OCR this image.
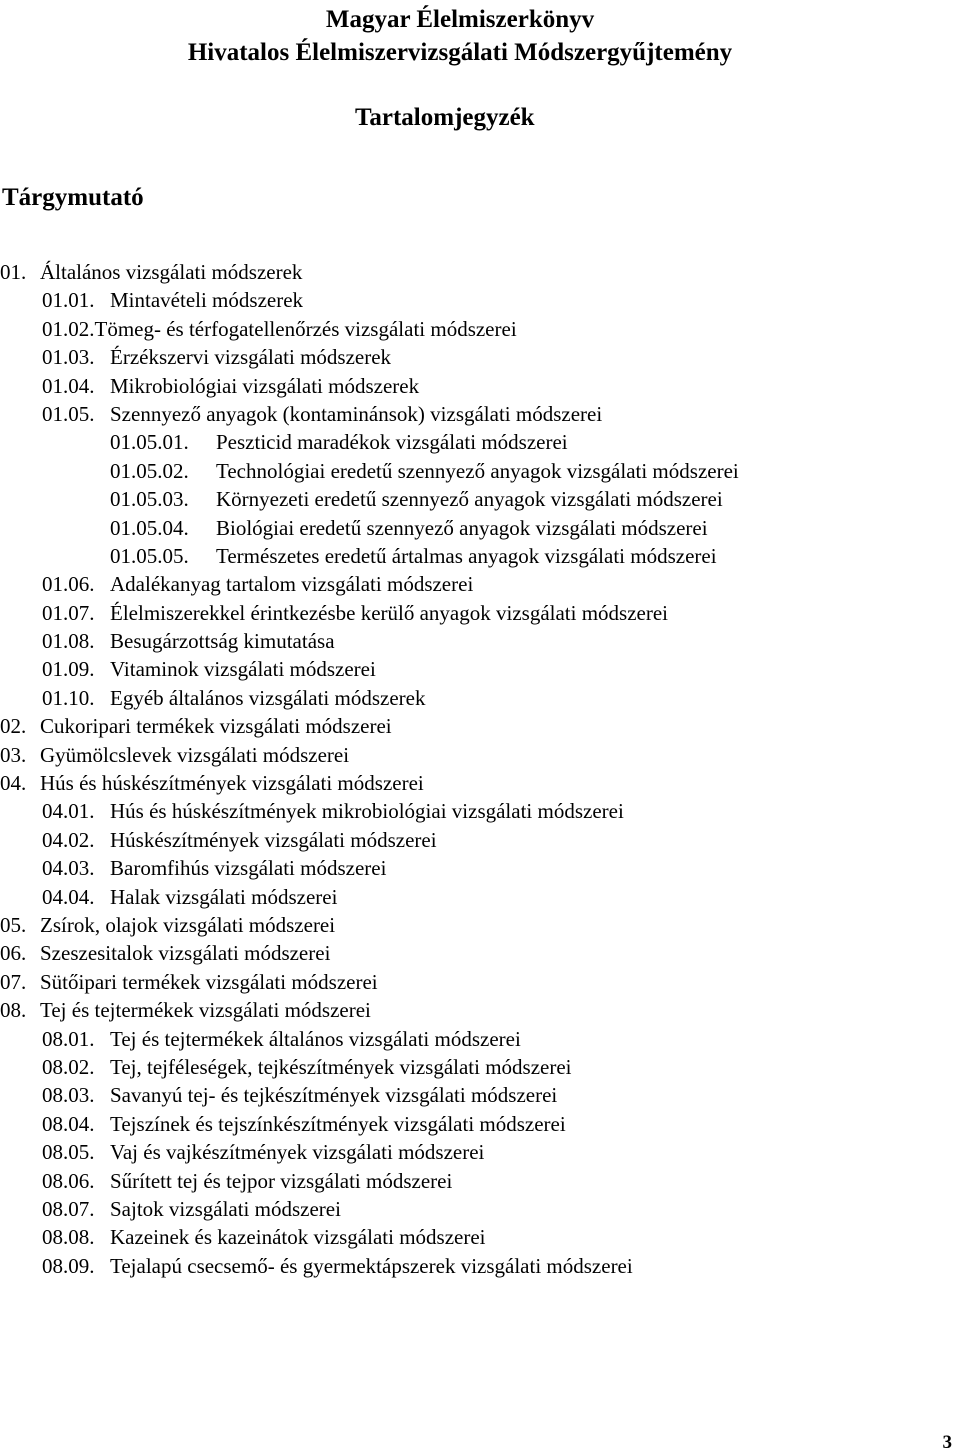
Magyar Élelmiszerkönyv
Hivatalos Élelmiszervizsgálati Módszergyűjtemény
Tartalomjegyzék
Tárgymutató
01. Általános vizsgálati módszerek
01.01. Mintavételi módszerek
01.02.Tömeg- és térfogatellenőrzés vizsgálati módszerei
01.03. Érzékszervi vizsgálati módszerek
01.04. Mikrobiológiai vizsgálati módszerek
01.05. Szennyező anyagok (kontaminánsok) vizsgálati módszerei
01.05.01. Peszticid maradékok vizsgálati módszerei
01.05.02. Technológiai eredetű szennyező anyagok vizsgálati módszerei
01.05.03. Környezeti eredetű szennyező anyagok vizsgálati módszerei
01.05.04. Biológiai eredetű szennyező anyagok vizsgálati módszerei
01.05.05. Természetes eredetű ártalmas anyagok vizsgálati módszerei
01.06. Adalékanyag tartalom vizsgálati módszerei
01.07. Élelmiszerekkel érintkezésbe kerülő anyagok vizsgálati módszerei
01.08. Besugárzottság kimutatása
01.09. Vitaminok vizsgálati módszerei
01.10. Egyéb általános vizsgálati módszerek
02. Cukoripari termékek vizsgálati módszerei
03. Gyümölcslevek vizsgálati módszerei
04. Hús és húskészítmények vizsgálati módszerei
04.01. Hús és húskészítmények mikrobiológiai vizsgálati módszerei
04.02. Húskészítmények vizsgálati módszerei
04.03. Baromfihús vizsgálati módszerei
04.04. Halak vizsgálati módszerei
05. Zsírok, olajok vizsgálati módszerei
06. Szeszesitalok vizsgálati módszerei
07. Sütőipari termékek vizsgálati módszerei
08. Tej és tejtermékek vizsgálati módszerei
08.01. Tej és tejtermékek általános vizsgálati módszerei
08.02. Tej, tejféleségek, tejkészítmények vizsgálati módszerei
08.03. Savanyú tej- és tejkészítmények vizsgálati módszerei
08.04. Tejszínek és tejszínkészítmények vizsgálati módszerei
08.05. Vaj és vajkészítmények vizsgálati módszerei
08.06. Sűrített tej és tejpor vizsgálati módszerei
08.07. Sajtok vizsgálati módszerei
08.08. Kazeinek és kazeinátok vizsgálati módszerei
08.09. Tejalapú csecsemő- és gyermektápszerek vizsgálati módszerei
3
